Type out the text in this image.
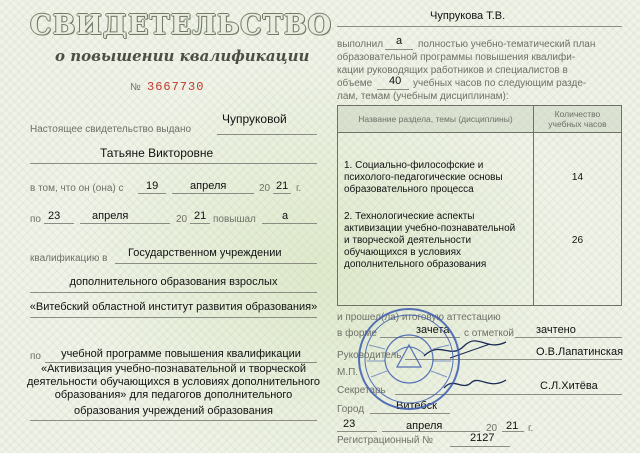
СВИДЕТЕЛЬСТВО
о повышении квалификации
№ 3667730
Настоящее свидетельство выдано
Чупруковой
Татьяне Викторовне
в том, что он (она) с 19	апреля	20 21 г.
по 23	апреля	20 21 повышал а
квалификацию в Государственном учреждении
дополнительного образования взрослых
«Витебский областной институт развития образования»
по	учебной программе повышения квалификации
«Активизация учебно-познавательной и творческой
деятельности обучающихся в условиях дополнительного
образования» для педагогов дополнительного
образования учреждений образования
Чупрукова Т.В.
выполнил а полностью учебно-тематический план
образовательной программы повышения квалифи-
кации руководящих работников и специалистов в
объеме 40 учебных часов по следующим разде-
лам, темам (учебным дисциплинам):
Название раздела, темы (дисциплины)	Количество учебных часов

1. Социально-философские и
психолого-педагогические основы
образовательного процесса	14

2. Технологические аспекты
активизации учебно-познавательной
и творческой деятельности
обучающихся в условиях
дополнительного образования	26
и прошел(ла) итоговую аттестацию
в форме	зачета с отметкой зачтено
Руководитель	О.В.Лапатинская
М.П.
Секретарь	С.Л.Хитёва
Город	Витебск
23	апреля	20 21 г.
Регистрационный №	2127
